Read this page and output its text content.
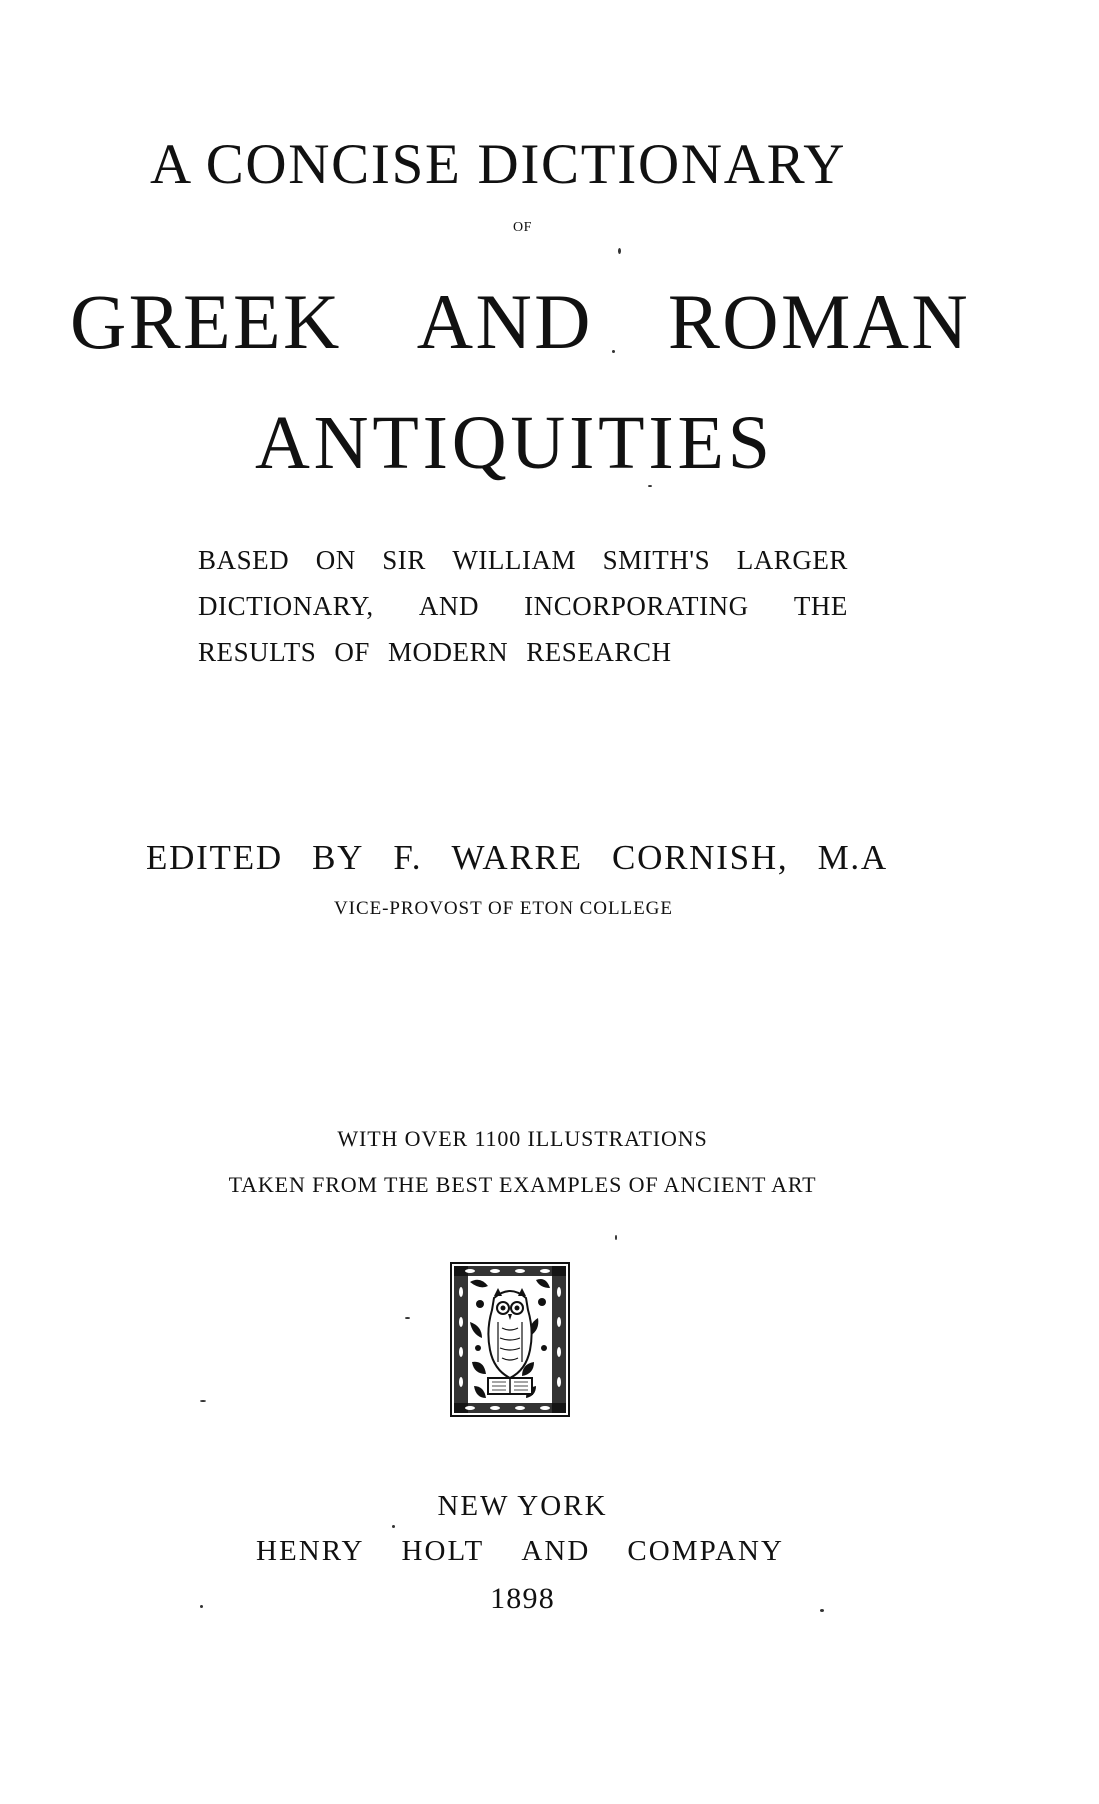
A CONCISE DICTIONARY
OF
GREEK AND ROMAN
ANTIQUITIES
BASED ON SIR WILLIAM SMITH'S LARGER
DICTIONARY, AND INCORPORATING THE
RESULTS OF MODERN RESEARCH
EDITED BY F. WARRE CORNISH, M.A
VICE-PROVOST OF ETON COLLEGE
WITH OVER 1100 ILLUSTRATIONS
TAKEN FROM THE BEST EXAMPLES OF ANCIENT ART
NEW YORK
HENRY HOLT AND COMPANY
1898
